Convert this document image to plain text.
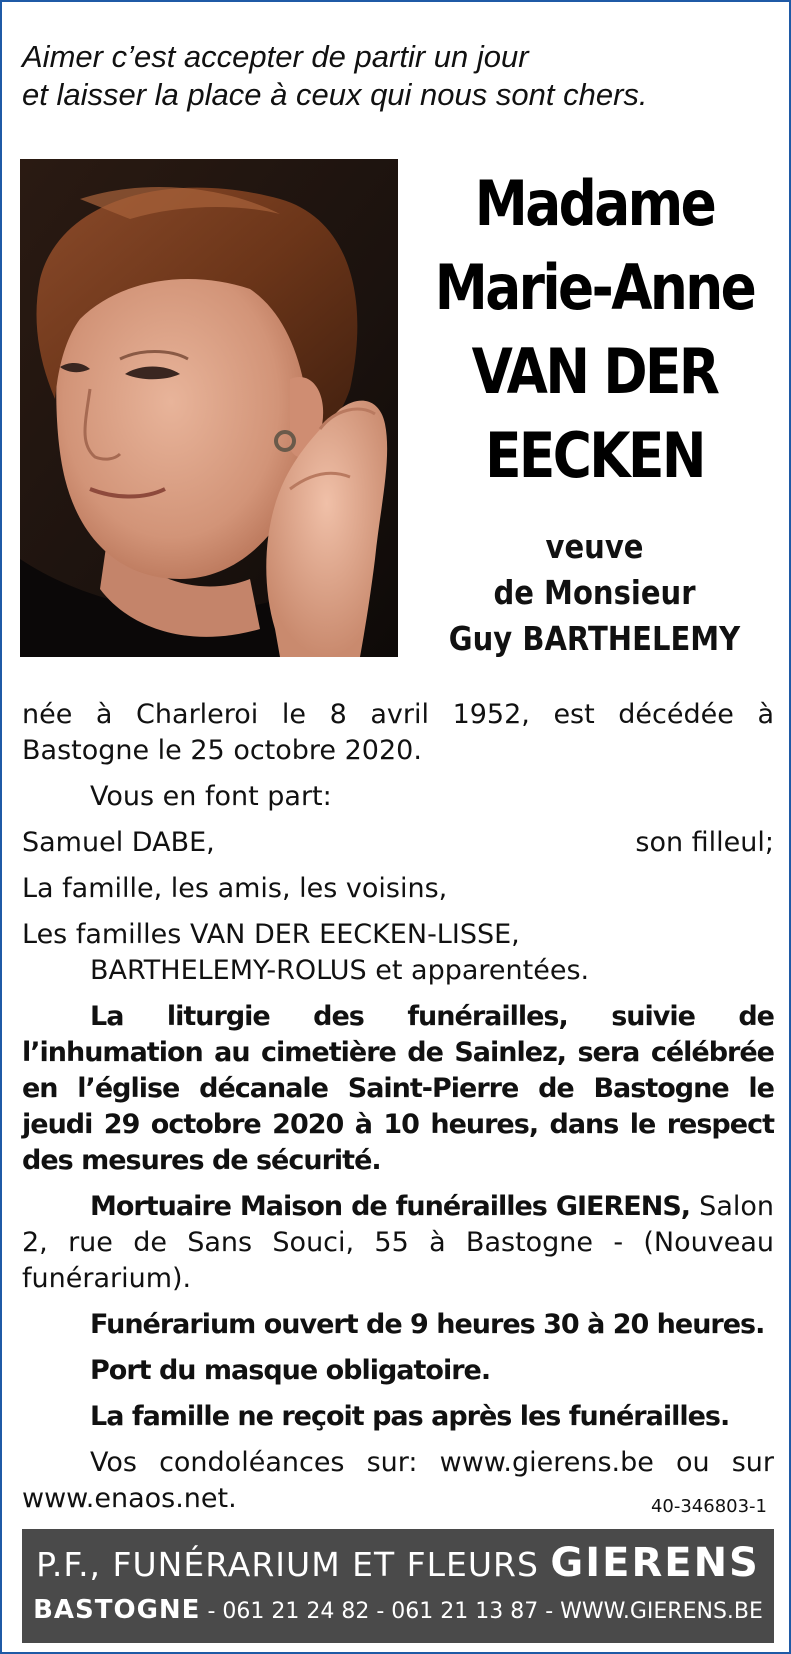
Aimer c’est accepter de partir un jour
et laisser la place à ceux qui nous sont chers.
Madame
Marie-Anne
VAN DER
EECKEN
veuve
de Monsieur
Guy BARTHELEMY

née à Charleroi le 8 avril 1952, est décédée à Bastogne le 25 octobre 2020.

Vous en font part:

Samuel DABE,	son filleul;

La famille, les amis, les voisins,

Les familles VAN DER EECKEN-LISSE,

BARTHELEMY-ROLUS et apparentées.

La liturgie des funérailles, suivie de l’inhumation au cimetière de Sainlez, sera célébrée en l’église décanale Saint-Pierre de Bastogne le jeudi 29 octobre 2020 à 10 heures, dans le respect des mesures de sécurité.

Mortuaire Maison de funérailles GIERENS, Salon 2, rue de Sans Souci, 55 à Bastogne - (Nouveau funérarium).

Funérarium ouvert de 9 heures 30 à 20 heures.

Port du masque obligatoire.

La famille ne reçoit pas après les funérailles.

Vos condoléances sur: www.gierens.be ou sur www.enaos.net.	40-346803-1
P.F., FUNÉRARIUM ET FLEURS GIERENS
BASTOGNE - 061 21 24 82 - 061 21 13 87 - WWW.GIERENS.BE
